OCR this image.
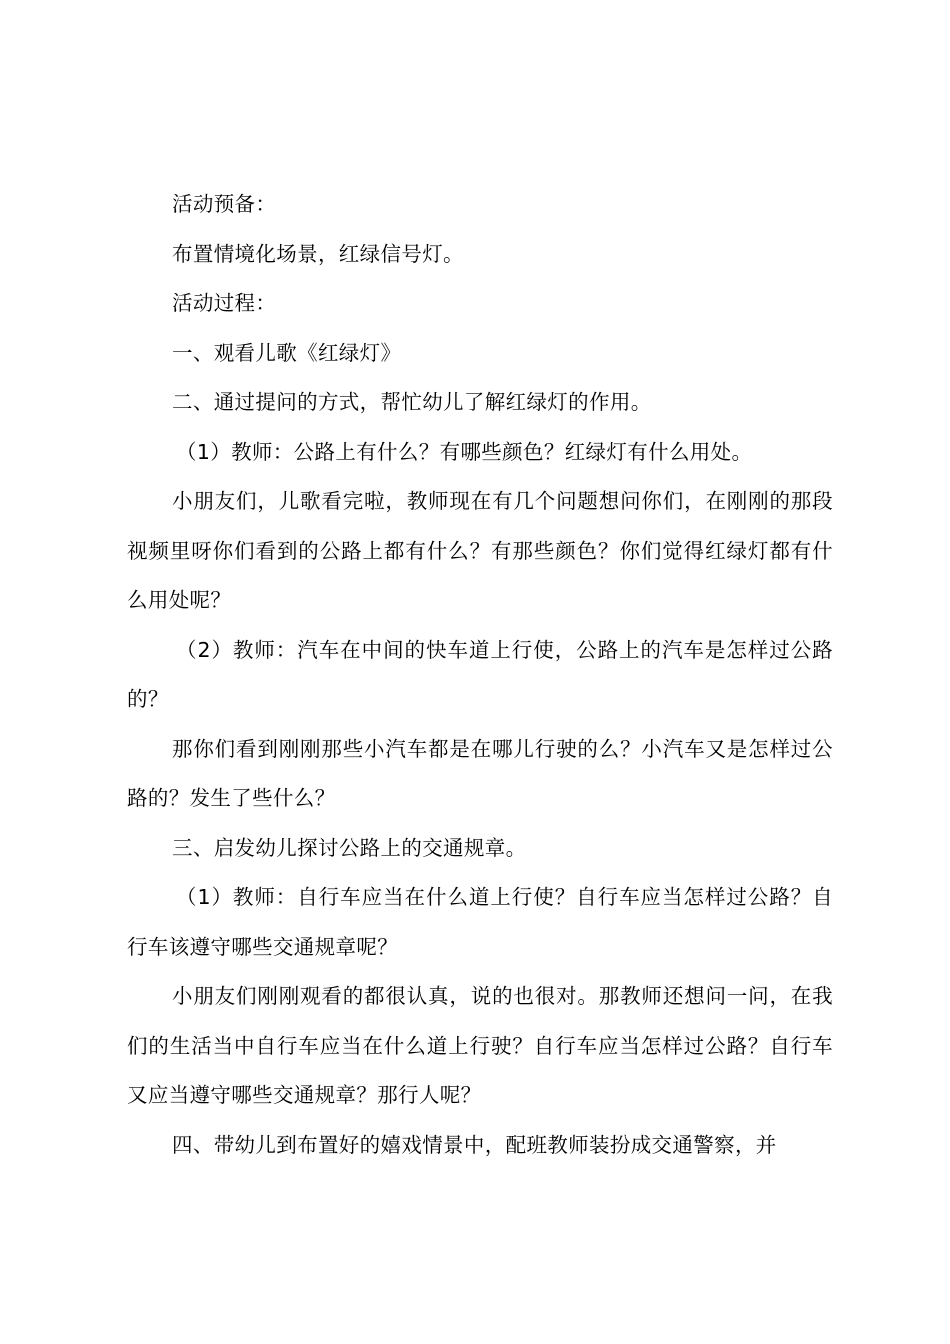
活动预备：

布置情境化场景，红绿信号灯。

活动过程：

一、观看儿歌《红绿灯》

二、通过提问的方式，帮忙幼儿了解红绿灯的作用。

（1）教师：公路上有什么？有哪些颜色？红绿灯有什么用处。

小朋友们，儿歌看完啦，教师现在有几个问题想问你们，在刚刚的那段视频里呀你们看到的公路上都有什么？有那些颜色？你们觉得红绿灯都有什么用处呢？

（2）教师：汽车在中间的快车道上行使，公路上的汽车是怎样过公路的？

那你们看到刚刚那些小汽车都是在哪儿行驶的么？小汽车又是怎样过公路的？发生了些什么？

三、启发幼儿探讨公路上的交通规章。

（1）教师：自行车应当在什么道上行使？自行车应当怎样过公路？自行车该遵守哪些交通规章呢？

小朋友们刚刚观看的都很认真，说的也很对。那教师还想问一问，在我们的生活当中自行车应当在什么道上行驶？自行车应当怎样过公路？自行车又应当遵守哪些交通规章？那行人呢？

四、带幼儿到布置好的嬉戏情景中，配班教师装扮成交通警察，并
